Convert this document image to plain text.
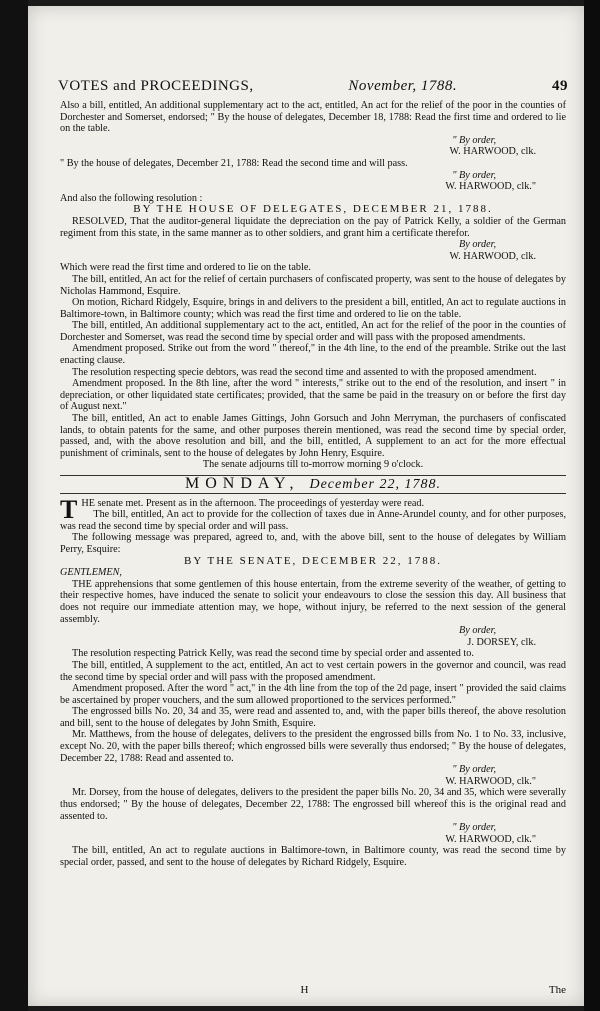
VOTES and PROCEEDINGS,	November, 1788.	49

Also a bill, entitled, An additional supplementary act to the act, entitled, An act for the relief of the poor in the counties of Dorchester and Somerset, endorsed; " By the house of delegates, December 18, 1788: Read the first time and ordered to lie on the table.

" By order,

W. HARWOOD, clk.

" By the house of delegates, December 21, 1788: Read the second time and will pass.

" By order,

W. HARWOOD, clk."

And also the following resolution :

BY THE HOUSE OF DELEGATES, DECEMBER 21, 1788.

RESOLVED, That the auditor-general liquidate the depreciation on the pay of Patrick Kelly, a soldier of the German regiment from this state, in the same manner as to other soldiers, and grant him a certificate therefor.

By order,

W. HARWOOD, clk.

Which were read the first time and ordered to lie on the table.

The bill, entitled, An act for the relief of certain purchasers of confiscated property, was sent to the house of delegates by Nicholas Hammond, Esquire.

On motion, Richard Ridgely, Esquire, brings in and delivers to the president a bill, entitled, An act to regulate auctions in Baltimore-town, in Baltimore county; which was read the first time and ordered to lie on the table.

The bill, entitled, An additional supplementary act to the act, entitled, An act for the relief of the poor in the counties of Dorchester and Somerset, was read the second time by special order and will pass with the proposed amendments.

Amendment proposed. Strike out from the word " thereof," in the 4th line, to the end of the preamble. Strike out the last enacting clause.

The resolution respecting specie debtors, was read the second time and assented to with the proposed amendment.

Amendment proposed. In the 8th line, after the word " interests," strike out to the end of the resolution, and insert " in depreciation, or other liquidated state certificates; provided, that the same be paid in the treasury on or before the first day of August next."

The bill, entitled, An act to enable James Gittings, John Gorsuch and John Merryman, the purchasers of confiscated lands, to obtain patents for the same, and other purposes therein mentioned, was read the second time by special order, passed, and, with the above resolution and bill, and the bill, entitled, A supplement to an act for the more effectual punishment of criminals, sent to the house of delegates by John Henry, Esquire.

The senate adjourns till to-morrow morning 9 o'clock.

MONDAY, December 22, 1788.

THE senate met. Present as in the afternoon. The proceedings of yesterday were read.

The bill, entitled, An act to provide for the collection of taxes due in Anne-Arundel county, and for other purposes, was read the second time by special order and will pass.

The following message was prepared, agreed to, and, with the above bill, sent to the house of delegates by William Perry, Esquire:

BY THE SENATE, DECEMBER 22, 1788.

GENTLEMEN,

THE apprehensions that some gentlemen of this house entertain, from the extreme severity of the weather, of getting to their respective homes, have induced the senate to solicit your endeavours to close the session this day. All business that does not require our immediate attention may, we hope, without injury, be referred to the next session of the general assembly.

By order,

J. DORSEY, clk.

The resolution respecting Patrick Kelly, was read the second time by special order and assented to.

The bill, entitled, A supplement to the act, entitled, An act to vest certain powers in the governor and council, was read the second time by special order and will pass with the proposed amendment.

Amendment proposed. After the word " act," in the 4th line from the top of the 2d page, insert " provided the said claims be ascertained by proper vouchers, and the sum allowed proportioned to the services performed."

The engrossed bills No. 20, 34 and 35, were read and assented to, and, with the paper bills thereof, the above resolution and bill, sent to the house of delegates by John Smith, Esquire.

Mr. Matthews, from the house of delegates, delivers to the president the engrossed bills from No. 1 to No. 33, inclusive, except No. 20, with the paper bills thereof; which engrossed bills were severally thus endorsed; " By the house of delegates, December 22, 1788: Read and assented to.

" By order,

W. HARWOOD, clk."

Mr. Dorsey, from the house of delegates, delivers to the president the paper bills No. 20, 34 and 35, which were severally thus endorsed; " By the house of delegates, December 22, 1788: The engrossed bill whereof this is the original read and assented to.

" By order,

W. HARWOOD, clk."

The bill, entitled, An act to regulate auctions in Baltimore-town, in Baltimore county, was read the second time by special order, passed, and sent to the house of delegates by Richard Ridgely, Esquire.

H	The
